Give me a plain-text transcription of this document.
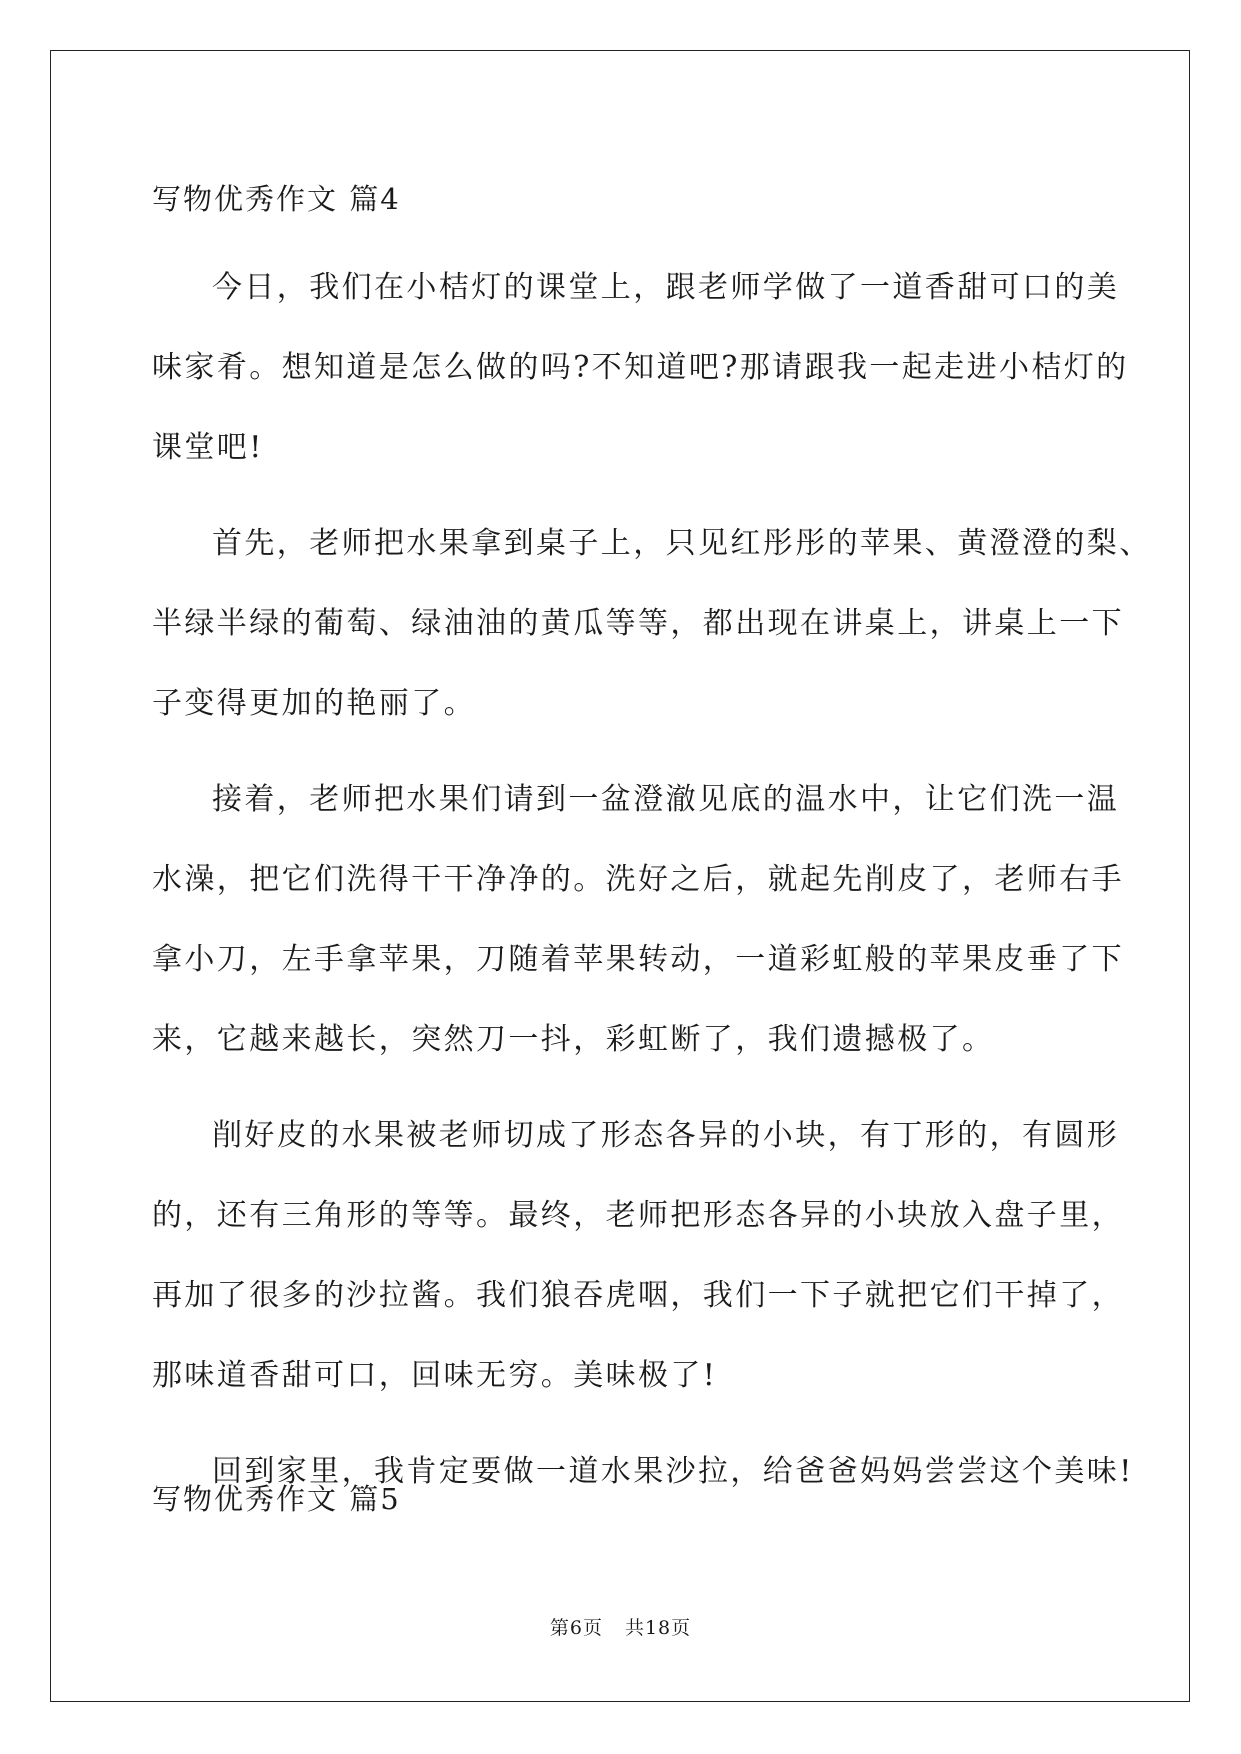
写物优秀作文 篇4
今日，我们在小桔灯的课堂上，跟老师学做了一道香甜可口的美
味家肴。想知道是怎么做的吗?不知道吧?那请跟我一起走进小桔灯的
课堂吧!
首先，老师把水果拿到桌子上，只见红彤彤的苹果、黄澄澄的梨、
半绿半绿的葡萄、绿油油的黄瓜等等，都出现在讲桌上，讲桌上一下
子变得更加的艳丽了。
接着，老师把水果们请到一盆澄澈见底的温水中，让它们洗一温
水澡，把它们洗得干干净净的。洗好之后，就起先削皮了，老师右手
拿小刀，左手拿苹果，刀随着苹果转动，一道彩虹般的苹果皮垂了下
来，它越来越长，突然刀一抖，彩虹断了，我们遗撼极了。
削好皮的水果被老师切成了形态各异的小块，有丁形的，有圆形
的，还有三角形的等等。最终，老师把形态各异的小块放入盘子里，
再加了很多的沙拉酱。我们狼吞虎咽，我们一下子就把它们干掉了，
那味道香甜可口，回味无穷。美味极了!
回到家里，我肯定要做一道水果沙拉，给爸爸妈妈尝尝这个美味!
写物优秀作文 篇5
第6页 共18页
